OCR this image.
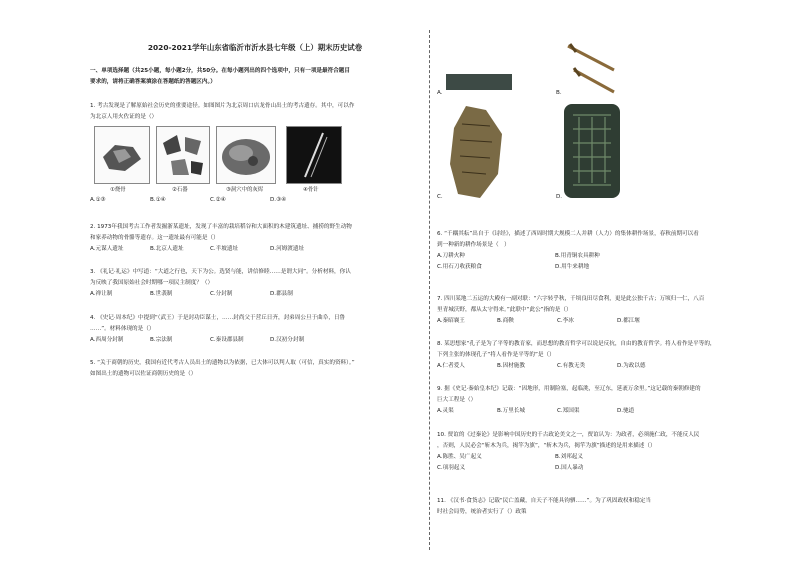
2020-2021学年山东省临沂市沂水县七年级（上）期末历史试卷
一、单项选择题（共25小题，每小题2分，共50分。在每小题列出的四个选项中，只有一项是最符合题目
要求的，请将正确答案填涂在答题纸的答题区内。）
1. 考古发现是了解原始社会历史的重要途径。如图图片为北京周口店龙骨山出土的考古遗存。其中，可以作
为北京人用火佐证的是（）
①烧骨	②石器	③洞穴中的灰烬	④骨针
A.①③	B.①④	C.②④	D.③④
2. 1973年我国考古工作者发掘浙某遗址，发现了丰富的栽培稻谷和大面积的木建筑遗址、捕捞的野生动物
和家养动物的骨骼等遗存。这一遗址最有可能是（）
A.元谋人遗址	B.北京人遗址	C.半坡遗址	D.河姆渡遗址
3. 《礼记·礼运》中写道：“大道之行也，天下为公。选贤与能，讲信修睦……是谓大同”。分析材料，你认
为反映了我国原始社会时期哪一项民主制度？（）
A.禅让制	B.世袭制	C.分封制	D.郡县制
4. 《史记·周本纪》中提到“（武王）于是封功臣谋士，……封尚父于营丘日齐，封弟周公旦于曲阜，日鲁
……”。材料体现的是（）
A.西周分封制	B.宗法制	C.秦设郡县制	D.汉初分封制
5. “关于商朝的历史，我国有近代考古人员出土的遗物以为依据，已大体可以判人取（可信，真实的资料）。”
如图出土的遗物可以佐证商朝历史的是（）
A.	B.
C.	D.
6. “千耦其耘”出自于《诗经》，描述了西周时期大规模二人并耕（人力）的集体耕作场景，春秋前期可以看
到一种新的耕作场景是（　）
A.刀耕火种	B.用青铜农具耕种
C.用石刀收获粮食	D.用牛来耕地
7. 四川某地二五运的大殿有一副对联：“六字转乎秋，千顷良田尽食利，更是此公独千古；万顷归一仁，八百
里青城沃野，都从太守得来。”此联中“此公”指的是（）
A.秦昭襄王	B.商鞅	C.李冰	D.都江堰
8. 某思想家“孔子是为了平等的教育家，而思想的教育哲学可以说是反抗，自由的教育哲学。将人看作是平等的，
下列主张的体现孔子“将人看作是平等的”是（）
A.仁者爱人	B.因材施教	C.有教无类	D.为政以德
9. 据《史记·秦始皇本纪》记载：“因地形，用制险塞，起临洮，至辽东，延袤万余里。”这记载的秦朝修建的
巨大工程是（）
A.灵渠	B.万里长城	C.郑国渠	D.驰道
10. 贾谊的《过秦论》是影响中国历史的千古政论美文之一，贾谊认为：为政者，必须施仁政，不能反人民
，否则，人民必会“斩木为兵，揭竿为旗”，“斩木为兵，揭竿为旗”描述的是用来描述（）
A.陈胜、吴广起义	B.刘邦起义
C.项羽起义	D.国人暴动
11. 《汉书·食货志》记载“民亡盖藏，自天子不能具钧驷……”。为了巩固政权和稳定当
时社会局势，统治者实行了（）政策
